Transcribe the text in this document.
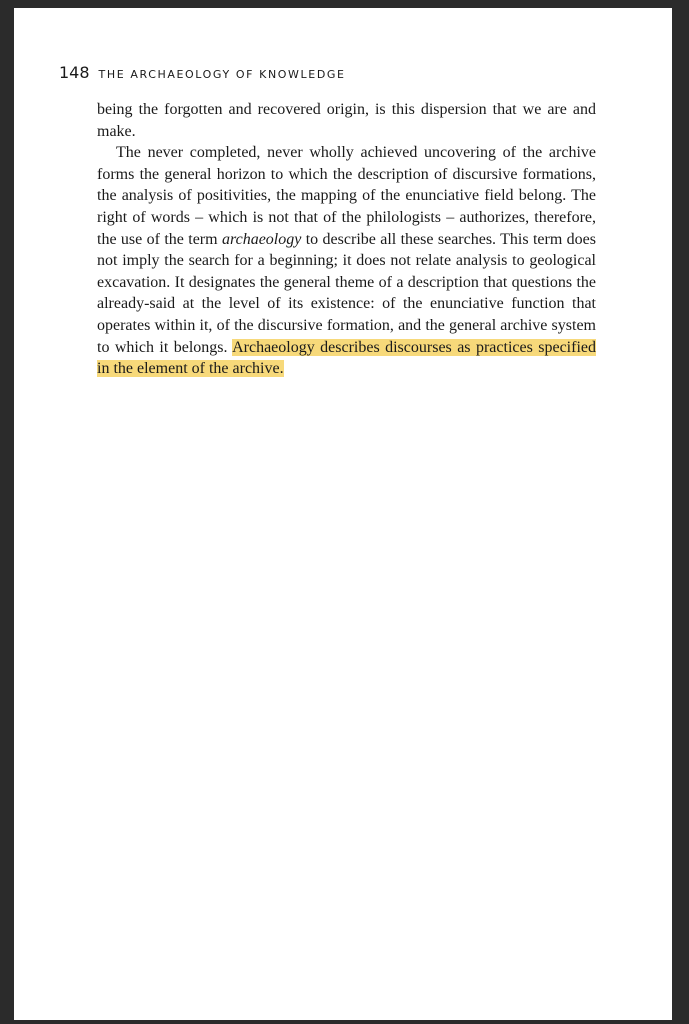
148 THE ARCHAEOLOGY OF KNOWLEDGE

being the forgotten and recovered origin, is this dispersion that we are and make.

The never completed, never wholly achieved uncovering of the archive forms the general horizon to which the description of discursive formations, the analysis of positivities, the mapping of the enunciative field belong. The right of words – which is not that of the philologists – authorizes, therefore, the use of the term archaeology to describe all these searches. This term does not imply the search for a beginning; it does not relate analysis to geological excavation. It designates the general theme of a description that questions the already-said at the level of its existence: of the enunciative function that operates within it, of the discursive formation, and the general archive system to which it belongs. Archaeology describes discourses as practices specified in the element of the archive.
